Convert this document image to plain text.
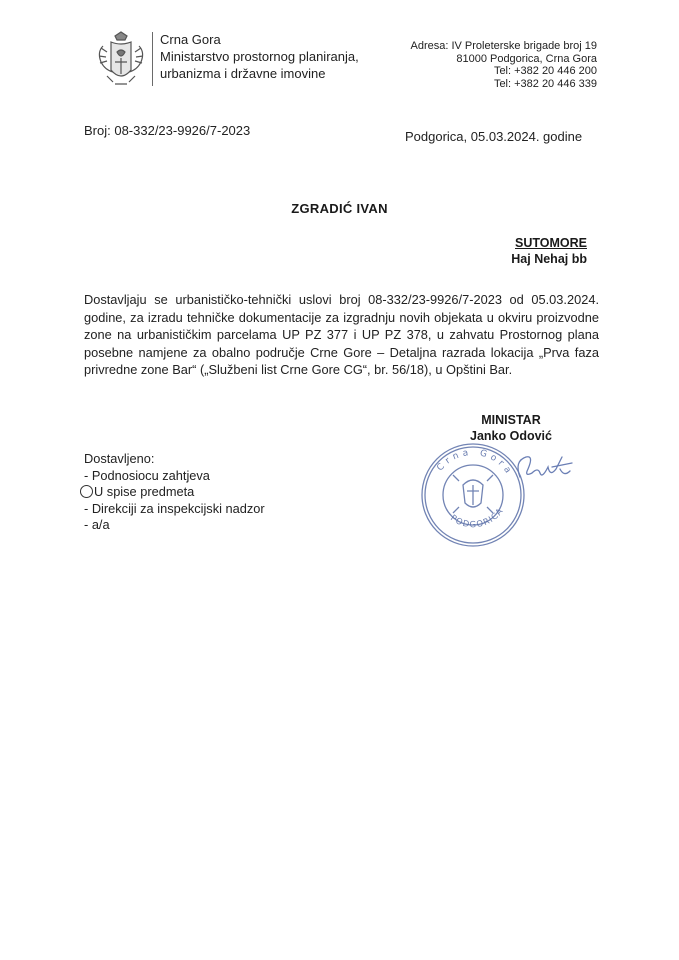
Crna Gora
Ministarstvo prostornog planiranja,
urbanizma i državne imovine
Adresa: IV Proleterske brigade broj 19
81000 Podgorica, Crna Gora
Tel: +382 20 446 200
Tel: +382 20 446 339
Broj: 08-332/23-9926/7-2023	Podgorica, 05.03.2024. godine
ZGRADIĆ IVAN
SUTOMORE
Haj Nehaj bb
Dostavljaju se urbanističko-tehnički uslovi broj 08-332/23-9926/7-2023 od 05.03.2024. godine, za izradu tehničke dokumentacije za izgradnju novih objekata u okviru proizvodne zone na urbanističkim parcelama UP PZ 377 i UP PZ 378, u zahvatu Prostornog plana posebne namjene za obalno područje Crne Gore – Detaljna razrada lokacija „Prva faza privredne zone Bar“ („Službeni list Crne Gore CG“, br. 56/18), u Opštini Bar.
MINISTAR
Janko Odović
Crna Gora
PODGORICA
Dostavljeno:
- Podnosiocu zahtjeva
U spise predmeta
- Direkciji za inspekcijski nadzor
- a/a
